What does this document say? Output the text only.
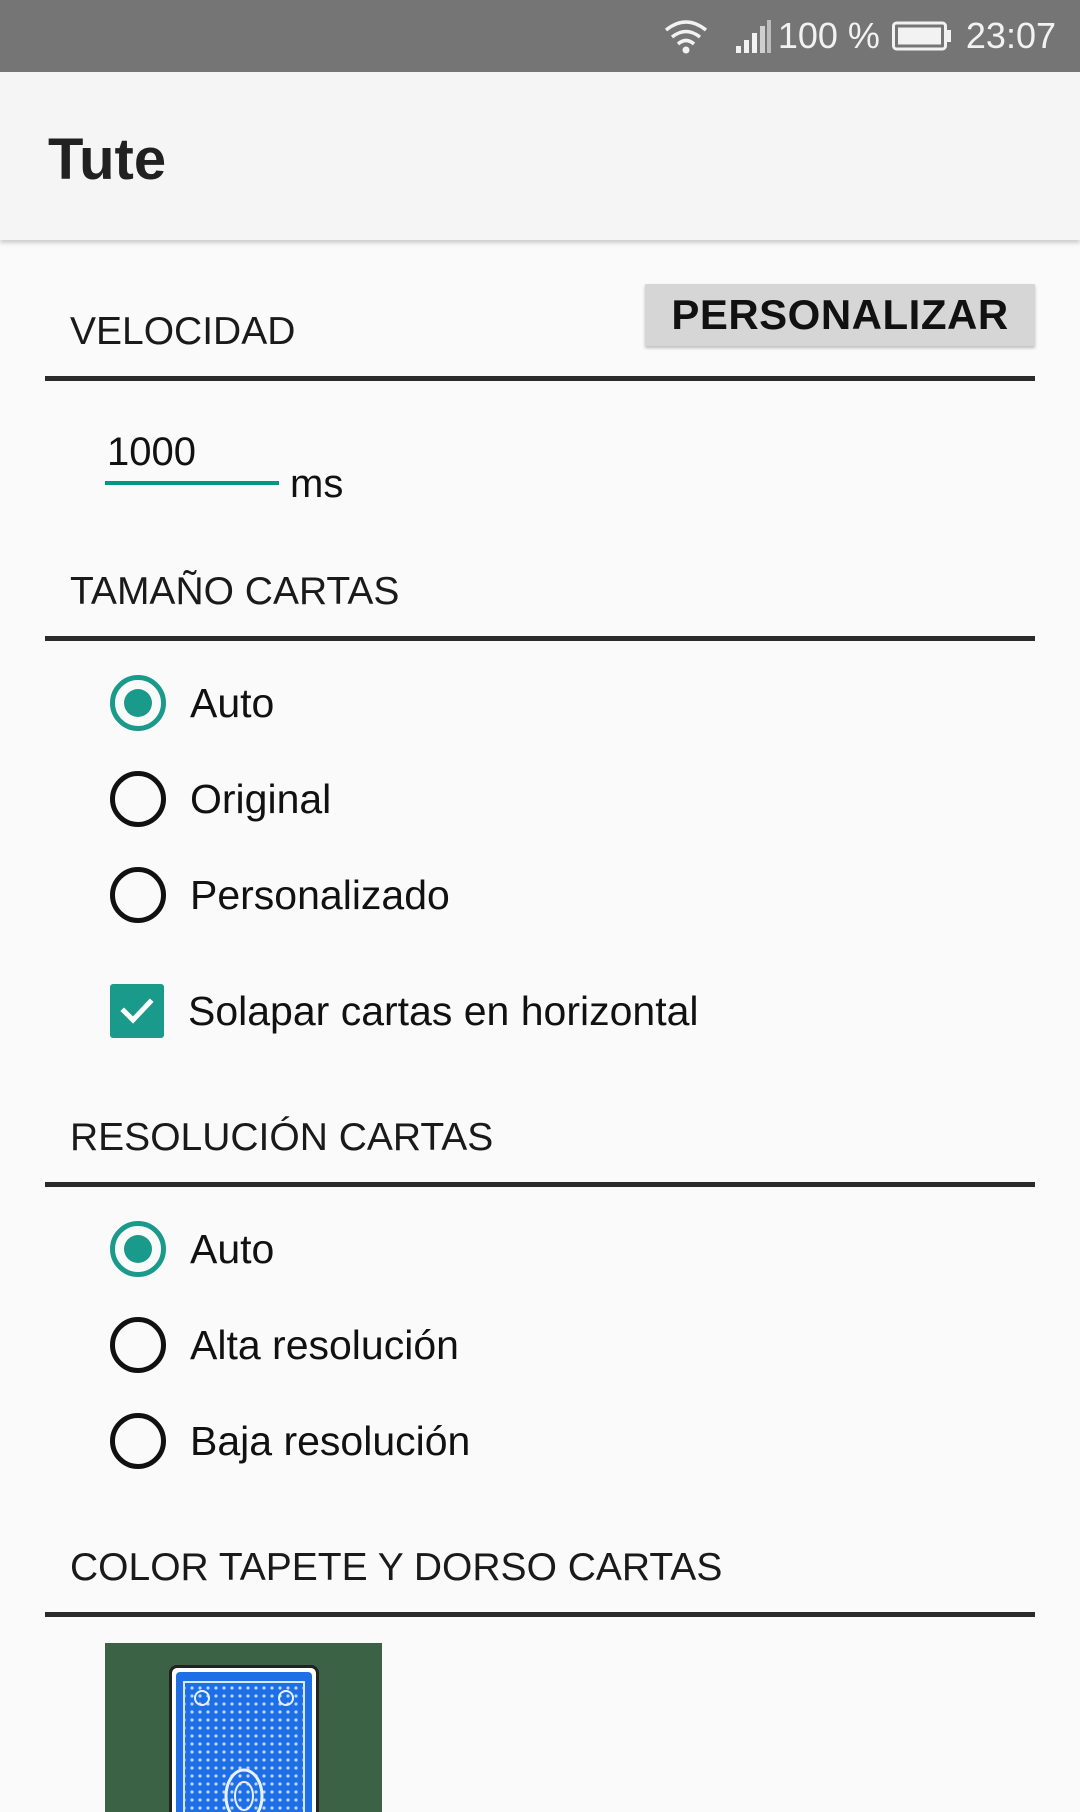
100 % 23:07
Tute
VELOCIDAD	PERSONALIZAR
1000
ms
TAMAÑO CARTAS
Auto
Original
Personalizado
Solapar cartas en horizontal
RESOLUCIÓN CARTAS
Auto
Alta resolución
Baja resolución
COLOR TAPETE Y DORSO CARTAS
